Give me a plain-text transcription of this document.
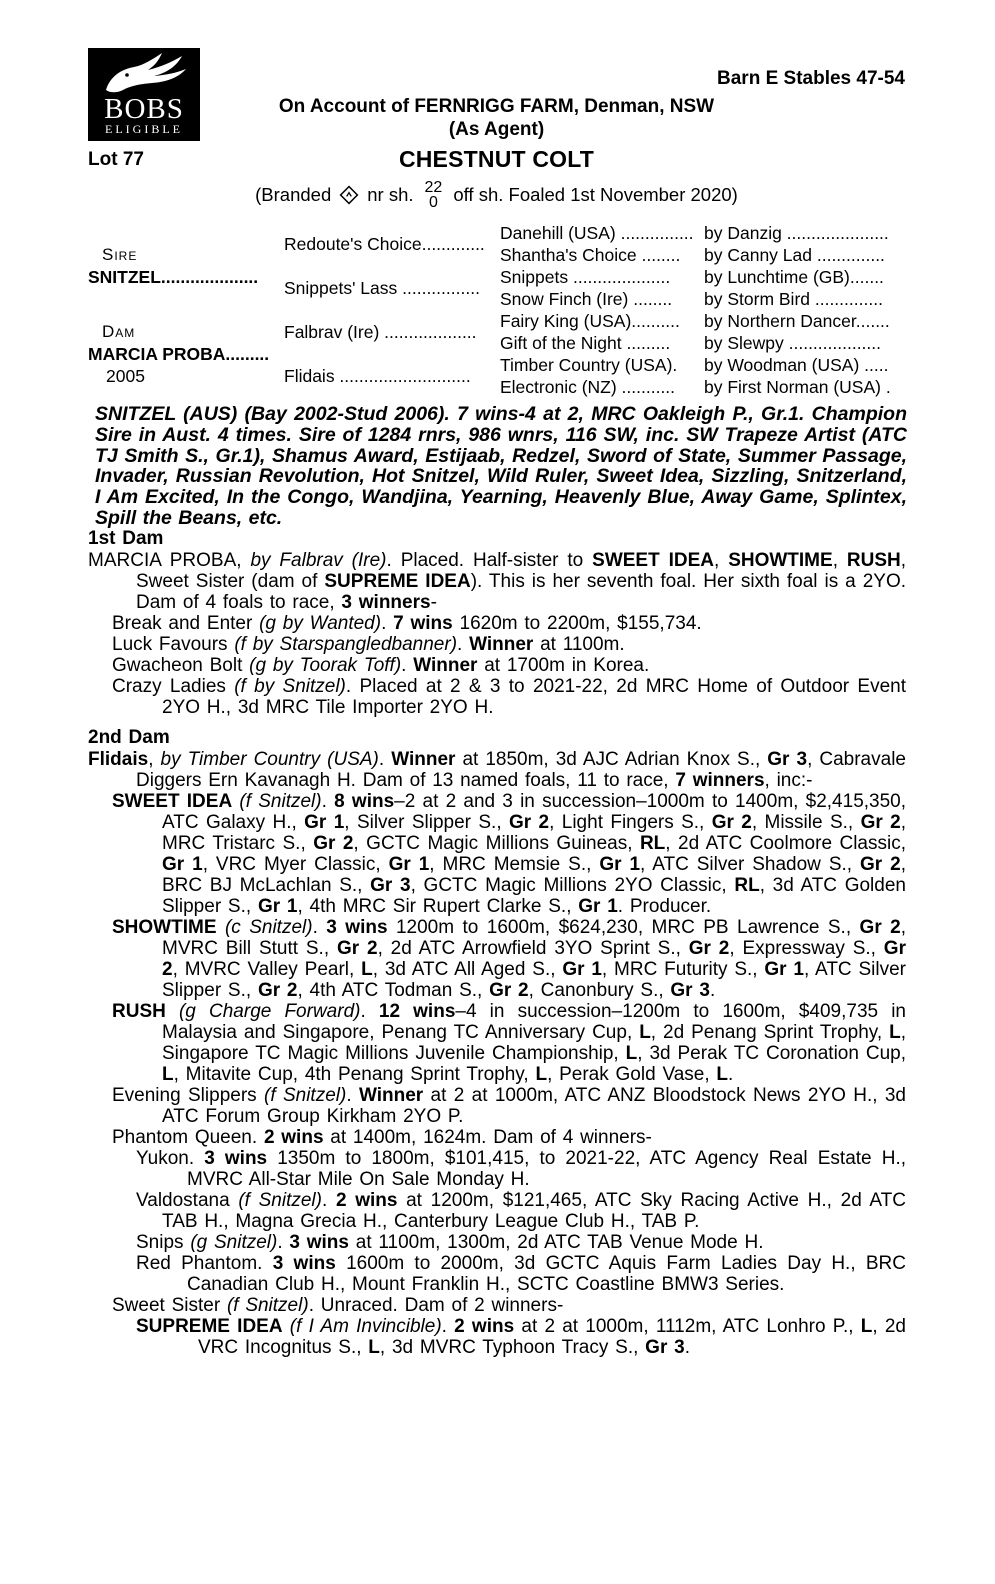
BOBS
ELIGIBLE
Barn E Stables 47-54
On Account of FERNRIGG FARM, Denman, NSW
(As Agent)
Lot 77	CHESTNUT COLT
(Branded nr sh. 22
0 off sh. Foaled 1st November 2020)
Sire
SNITZEL....................
Dam
MARCIA PROBA.........
2005
Redoute's Choice.............
Snippets' Lass ................
Falbrav (Ire) ...................
Flidais ...........................
Danehill (USA) ............... by Danzig .....................
Shantha's Choice ........	by Canny Lad ..............
Snippets ....................	by Lunchtime (GB).......
Snow Finch (Ire) ........	by Storm Bird ..............
Fairy King (USA)..........	by Northern Dancer.......
Gift of the Night .........	by Slewpy ...................
Timber Country (USA).	by Woodman (USA) .....
Electronic (NZ) ...........	by First Norman (USA) .
SNITZEL (AUS) (Bay 2002-Stud 2006). 7 wins-4 at 2, MRC Oakleigh P., Gr.1. Champion Sire in Aust. 4 times. Sire of 1284 rnrs, 986 wnrs, 116 SW, inc. SW Trapeze Artist (ATC TJ Smith S., Gr.1), Shamus Award, Estijaab, Redzel, Sword of State, Summer Passage, Invader, Russian Revolution, Hot Snitzel, Wild Ruler, Sweet Idea, Sizzling, Snitzerland, I Am Excited, In the Congo, Wandjina, Yearning, Heavenly Blue, Away Game, Splintex, Spill the Beans, etc.
1st Dam

MARCIA PROBA, by Falbrav (Ire). Placed. Half-sister to SWEET IDEA, SHOWTIME, RUSH, Sweet Sister (dam of SUPREME IDEA). This is her seventh foal. Her sixth foal is a 2YO. Dam of 4 foals to race, 3 winners-

Break and Enter (g by Wanted). 7 wins 1620m to 2200m, $155,734.

Luck Favours (f by Starspangledbanner). Winner at 1100m.

Gwacheon Bolt (g by Toorak Toff). Winner at 1700m in Korea.

Crazy Ladies (f by Snitzel). Placed at 2 & 3 to 2021-22, 2d MRC Home of Outdoor Event 2YO H., 3d MRC Tile Importer 2YO H.

2nd Dam

Flidais, by Timber Country (USA). Winner at 1850m, 3d AJC Adrian Knox S., Gr 3, Cabravale Diggers Ern Kavanagh H. Dam of 13 named foals, 11 to race, 7 winners, inc:-

SWEET IDEA (f Snitzel). 8 wins–2 at 2 and 3 in succession–1000m to 1400m, $2,415,350, ATC Galaxy H., Gr 1, Silver Slipper S., Gr 2, Light Fingers S., Gr 2, Missile S., Gr 2, MRC Tristarc S., Gr 2, GCTC Magic Millions Guineas, RL, 2d ATC Coolmore Classic, Gr 1, VRC Myer Classic, Gr 1, MRC Memsie S., Gr 1, ATC Silver Shadow S., Gr 2, BRC BJ McLachlan S., Gr 3, GCTC Magic Millions 2YO Classic, RL, 3d ATC Golden Slipper S., Gr 1, 4th MRC Sir Rupert Clarke S., Gr 1. Producer.

SHOWTIME (c Snitzel). 3 wins 1200m to 1600m, $624,230, MRC PB Lawrence S., Gr 2, MVRC Bill Stutt S., Gr 2, 2d ATC Arrowfield 3YO Sprint S., Gr 2, Expressway S., Gr 2, MVRC Valley Pearl, L, 3d ATC All Aged S., Gr 1, MRC Futurity S., Gr 1, ATC Silver Slipper S., Gr 2, 4th ATC Todman S., Gr 2, Canonbury S., Gr 3.

RUSH (g Charge Forward). 12 wins–4 in succession–1200m to 1600m, $409,735 in Malaysia and Singapore, Penang TC Anniversary Cup, L, 2d Penang Sprint Trophy, L, Singapore TC Magic Millions Juvenile Championship, L, 3d Perak TC Coronation Cup, L, Mitavite Cup, 4th Penang Sprint Trophy, L, Perak Gold Vase, L.

Evening Slippers (f Snitzel). Winner at 2 at 1000m, ATC ANZ Bloodstock News 2YO H., 3d ATC Forum Group Kirkham 2YO P.

Phantom Queen. 2 wins at 1400m, 1624m. Dam of 4 winners-

Yukon. 3 wins 1350m to 1800m, $101,415, to 2021-22, ATC Agency Real Estate H., MVRC All-Star Mile On Sale Monday H.

Valdostana (f Snitzel). 2 wins at 1200m, $121,465, ATC Sky Racing Active H., 2d ATC TAB H., Magna Grecia H., Canterbury League Club H., TAB P.

Snips (g Snitzel). 3 wins at 1100m, 1300m, 2d ATC TAB Venue Mode H.

Red Phantom. 3 wins 1600m to 2000m, 3d GCTC Aquis Farm Ladies Day H., BRC Canadian Club H., Mount Franklin H., SCTC Coastline BMW3 Series.

Sweet Sister (f Snitzel). Unraced. Dam of 2 winners-

SUPREME IDEA (f I Am Invincible). 2 wins at 2 at 1000m, 1112m, ATC Lonhro P., L, 2d VRC Incognitus S., L, 3d MVRC Typhoon Tracy S., Gr 3.
